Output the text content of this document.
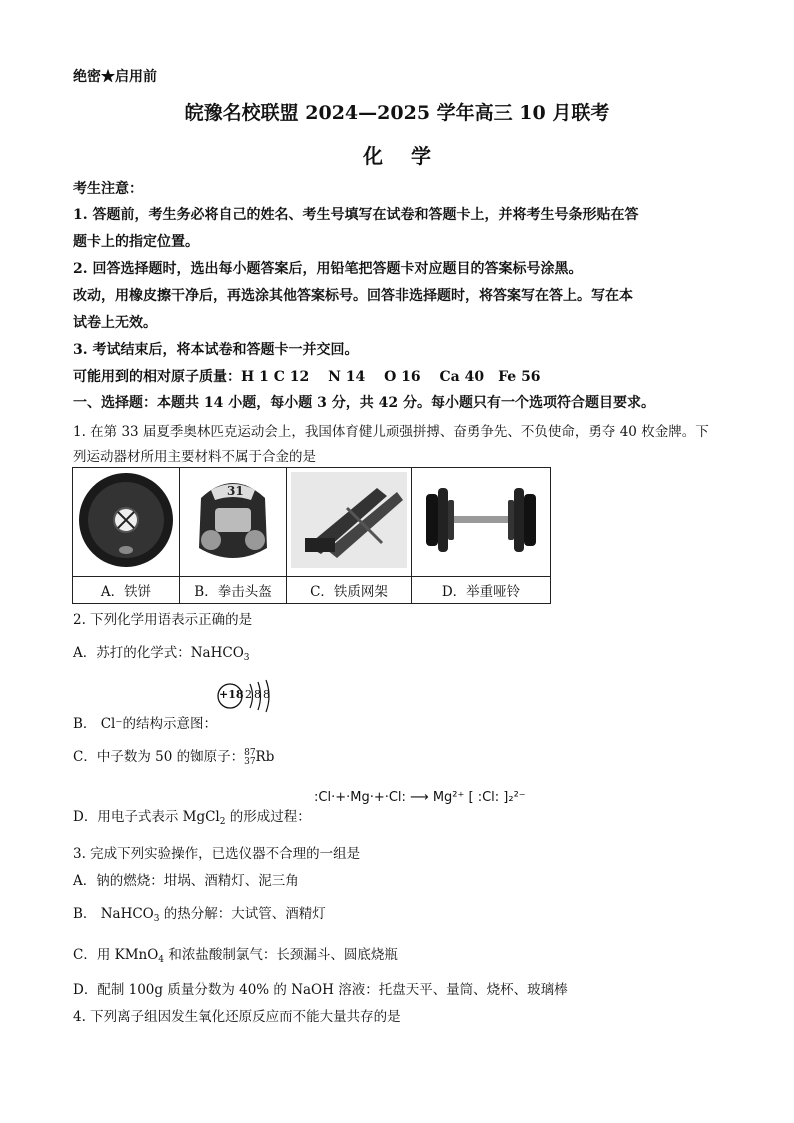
绝密★启用前
皖豫名校联盟 2024—2025 学年高三 10 月联考
化学
考生注意：
1. 答题前，考生务必将自己的姓名、考生号填写在试卷和答题卡上，并将考生号条形贴在答
题卡上的指定位置。
2. 回答选择题时，选出每小题答案后，用铅笔把答题卡对应题目的答案标号涂黑。
改动，用橡皮擦干净后，再选涂其他答案标号。回答非选择题时，将答案写在答上。写在本
试卷上无效。
3. 考试结束后，将本试卷和答题卡一并交回。
可能用到的相对原子质量：H 1 C 12　 N 14　 O 16　 Ca 40　Fe 56
一、选择题：本题共 14 小题，每小题 3 分，共 42 分。每小题只有一个选项符合题目要求。
1. 在第 33 届夏季奥林匹克运动会上，我国体育健儿顽强拼搏、奋勇争先、不负使命，勇夺 40 枚金牌。下
列运动器材所用主要材料不属于合金的是

31

A．铁饼	B．拳击头盔	C．铁质网架	D．举重哑铃
2. 下列化学用语表示正确的是
A．苏打的化学式：NaHCO$_3$
+18 288
B． Cl⁻的结构示意图：
C．中子数为 50 的铷原子： 87
37 Rb
D．用电子式表示 MgCl$_2$ 的形成过程：
:Cl·+·Mg·+·Cl: ⟶ Mg²⁺ [ :Cl: ]₂²⁻
3. 完成下列实验操作，已选仪器不合理的一组是
A．钠的燃烧：坩埚、酒精灯、泥三角
B． NaHCO$_3$ 的热分解：大试管、酒精灯
C．用 KMnO$_4$ 和浓盐酸制氯气：长颈漏斗、圆底烧瓶
D．配制 100g 质量分数为 40% 的 NaOH 溶液：托盘天平、量筒、烧杯、玻璃棒
4. 下列离子组因发生氧化还原反应而不能大量共存的是
